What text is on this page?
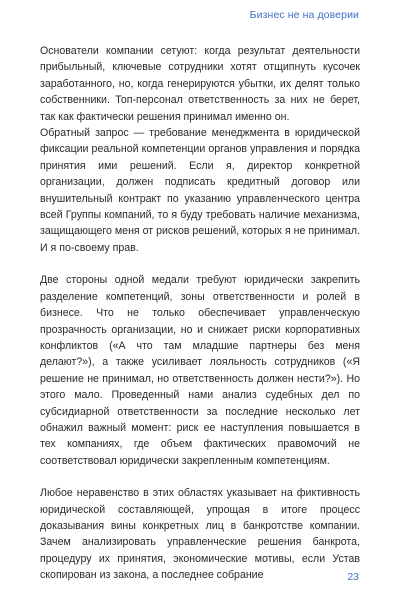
Бизнес не на доверии

Основатели компании сетуют: когда результат деятельности прибыльный, ключевые сотрудники хотят отщипнуть кусочек заработанного, но, когда генерируются убытки, их делят только собственники. Топ-персонал ответственность за них не берет, так как фактически решения принимал именно он.

Обратный запрос — требование менеджмента в юридической фиксации реальной компетенции органов управления и порядка принятия ими решений. Если я, директор конкретной организации, должен подписать кредитный договор или внушительный контракт по указанию управленческого центра всей Группы компаний, то я буду требовать наличие механизма, защищающего меня от рисков решений, которых я не принимал. И я по-своему прав.

Две стороны одной медали требуют юридически закрепить разделение компетенций, зоны ответственности и ролей в бизнесе. Что не только обеспечивает управленческую прозрачность организации, но и снижает риски корпоративных конфликтов («А что там младшие партнеры без меня делают?»), а также усиливает лояльность сотрудников («Я решение не принимал, но ответственность должен нести?»). Но этого мало. Проведенный нами анализ судебных дел по субсидиарной ответственности за последние несколько лет обнажил важный момент: риск ее наступления повышается в тех компаниях, где объем фактических правомочий не соответствовал юридически закрепленным компетенциям.

Любое неравенство в этих областях указывает на фиктивность юридической составляющей, упрощая в итоге процесс доказывания вины конкретных лиц в банкротстве компании. Зачем анализировать управленческие решения банкрота, процедуру их принятия, экономические мотивы, если Устав скопирован из закона, а последнее собрание	23
